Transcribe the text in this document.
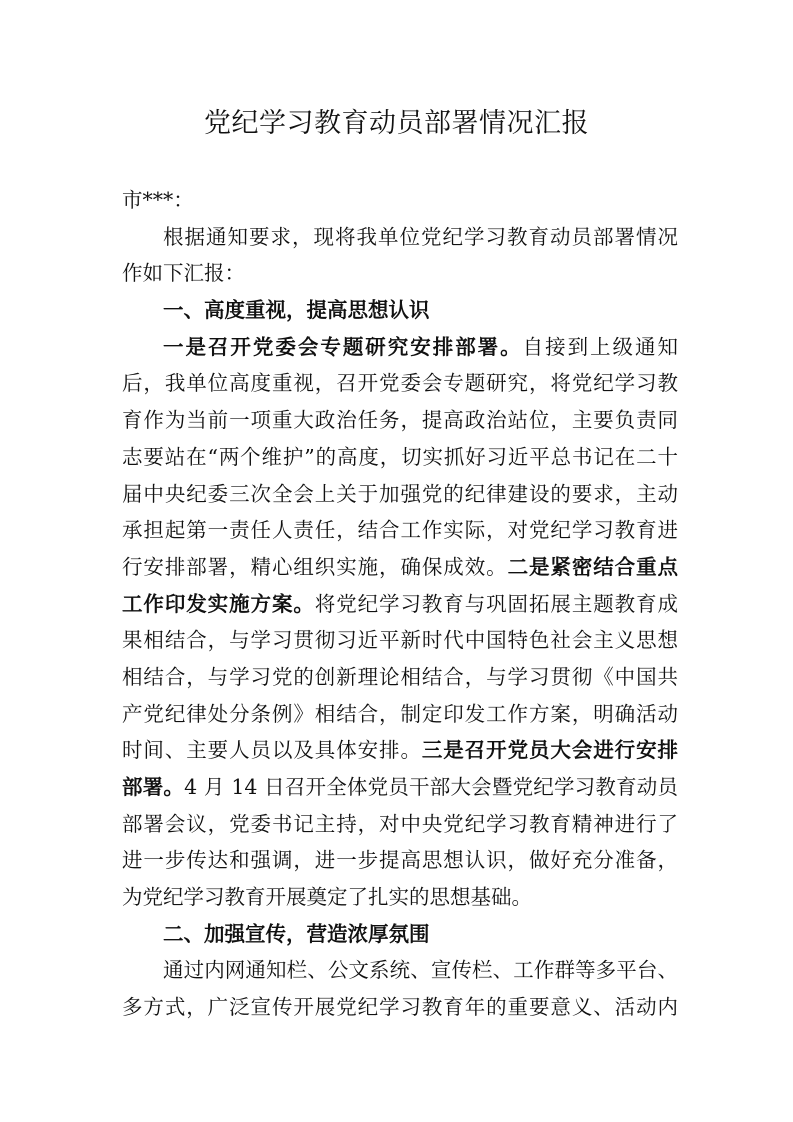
党纪学习教育动员部署情况汇报
市***：
根据通知要求，现将我单位党纪学习教育动员部署情况
作如下汇报：
一、高度重视，提高思想认识
一是召开党委会专题研究安排部署。自接到上级通知
后，我单位高度重视，召开党委会专题研究，将党纪学习教
育作为当前一项重大政治任务，提高政治站位，主要负责同
志要站在“两个维护”的高度，切实抓好习近平总书记在二十
届中央纪委三次全会上关于加强党的纪律建设的要求，主动
承担起第一责任人责任，结合工作实际，对党纪学习教育进
行安排部署，精心组织实施，确保成效。二是紧密结合重点
工作印发实施方案。将党纪学习教育与巩固拓展主题教育成
果相结合，与学习贯彻习近平新时代中国特色社会主义思想
相结合，与学习党的创新理论相结合，与学习贯彻《中国共
产党纪律处分条例》相结合，制定印发工作方案，明确活动
时间、主要人员以及具体安排。三是召开党员大会进行安排
部署。4 月 14 日召开全体党员干部大会暨党纪学习教育动员
部署会议，党委书记主持，对中央党纪学习教育精神进行了
进一步传达和强调，进一步提高思想认识，做好充分准备，
为党纪学习教育开展奠定了扎实的思想基础。
二、加强宣传，营造浓厚氛围
通过内网通知栏、公文系统、宣传栏、工作群等多平台、
多方式，广泛宣传开展党纪学习教育年的重要意义、活动内
